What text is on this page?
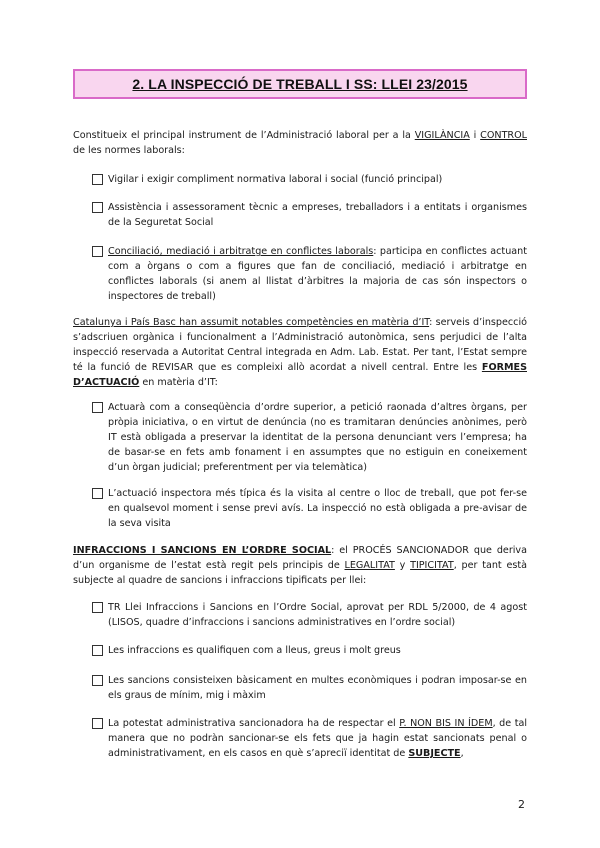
2. LA INSPECCIÓ DE TREBALL I SS: LLEI 23/2015

Constitueix el principal instrument de l’Administració laboral per a la VIGILÀNCIA i CONTROL de les normes laborals:

Vigilar i exigir compliment normativa laboral i social (funció principal)
Assistència i assessorament tècnic a empreses, treballadors i a entitats i organismes de la Seguretat Social
Conciliació, mediació i arbitratge en conflictes laborals: participa en conflictes actuant com a òrgans o com a figures que fan de conciliació, mediació i arbitratge en conflictes laborals (si anem al llistat d’àrbitres la majoria de cas són inspectors o inspectores de treball)

Catalunya i País Basc han assumit notables competències en matèria d’IT: serveis d’inspecció s’adscriuen orgànica i funcionalment a l’Administració autonòmica, sens perjudici de l’alta inspecció reservada a Autoritat Central integrada en Adm. Lab. Estat. Per tant, l’Estat sempre té la funció de REVISAR que es compleixi allò acordat a nivell central. Entre les FORMES D’ACTUACIÓ en matèria d’IT:

Actuarà com a conseqüència d’ordre superior, a petició raonada d’altres òrgans, per pròpia iniciativa, o en virtut de denúncia (no es tramitaran denúncies anònimes, però IT està obligada a preservar la identitat de la persona denunciant vers l’empresa; ha de basar-se en fets amb fonament i en assumptes que no estiguin en coneixement d’un òrgan judicial; preferentment per via telemàtica)
L’actuació inspectora més típica és la visita al centre o lloc de treball, que pot fer-se en qualsevol moment i sense previ avís. La inspecció no està obligada a pre-avisar de la seva visita

INFRACCIONS I SANCIONS EN L’ORDRE SOCIAL: el PROCÉS SANCIONADOR que deriva d’un organisme de l’estat està regit pels principis de LEGALITAT y TIPICITAT, per tant està subjecte al quadre de sancions i infraccions tipificats per llei:

TR Llei Infraccions i Sancions en l’Ordre Social, aprovat per RDL 5/2000, de 4 agost (LISOS, quadre d’infraccions i sancions administratives en l’ordre social)
Les infraccions es qualifiquen com a lleus, greus i molt greus
Les sancions consisteixen bàsicament en multes econòmiques i podran imposar-se en els graus de mínim, mig i màxim
La potestat administrativa sancionadora ha de respectar el P. NON BIS IN ÍDEM, de tal manera que no podràn sancionar-se els fets que ja hagin estat sancionats penal o administrativament, en els casos en què s’apreciï identitat de SUBJECTE,
2
